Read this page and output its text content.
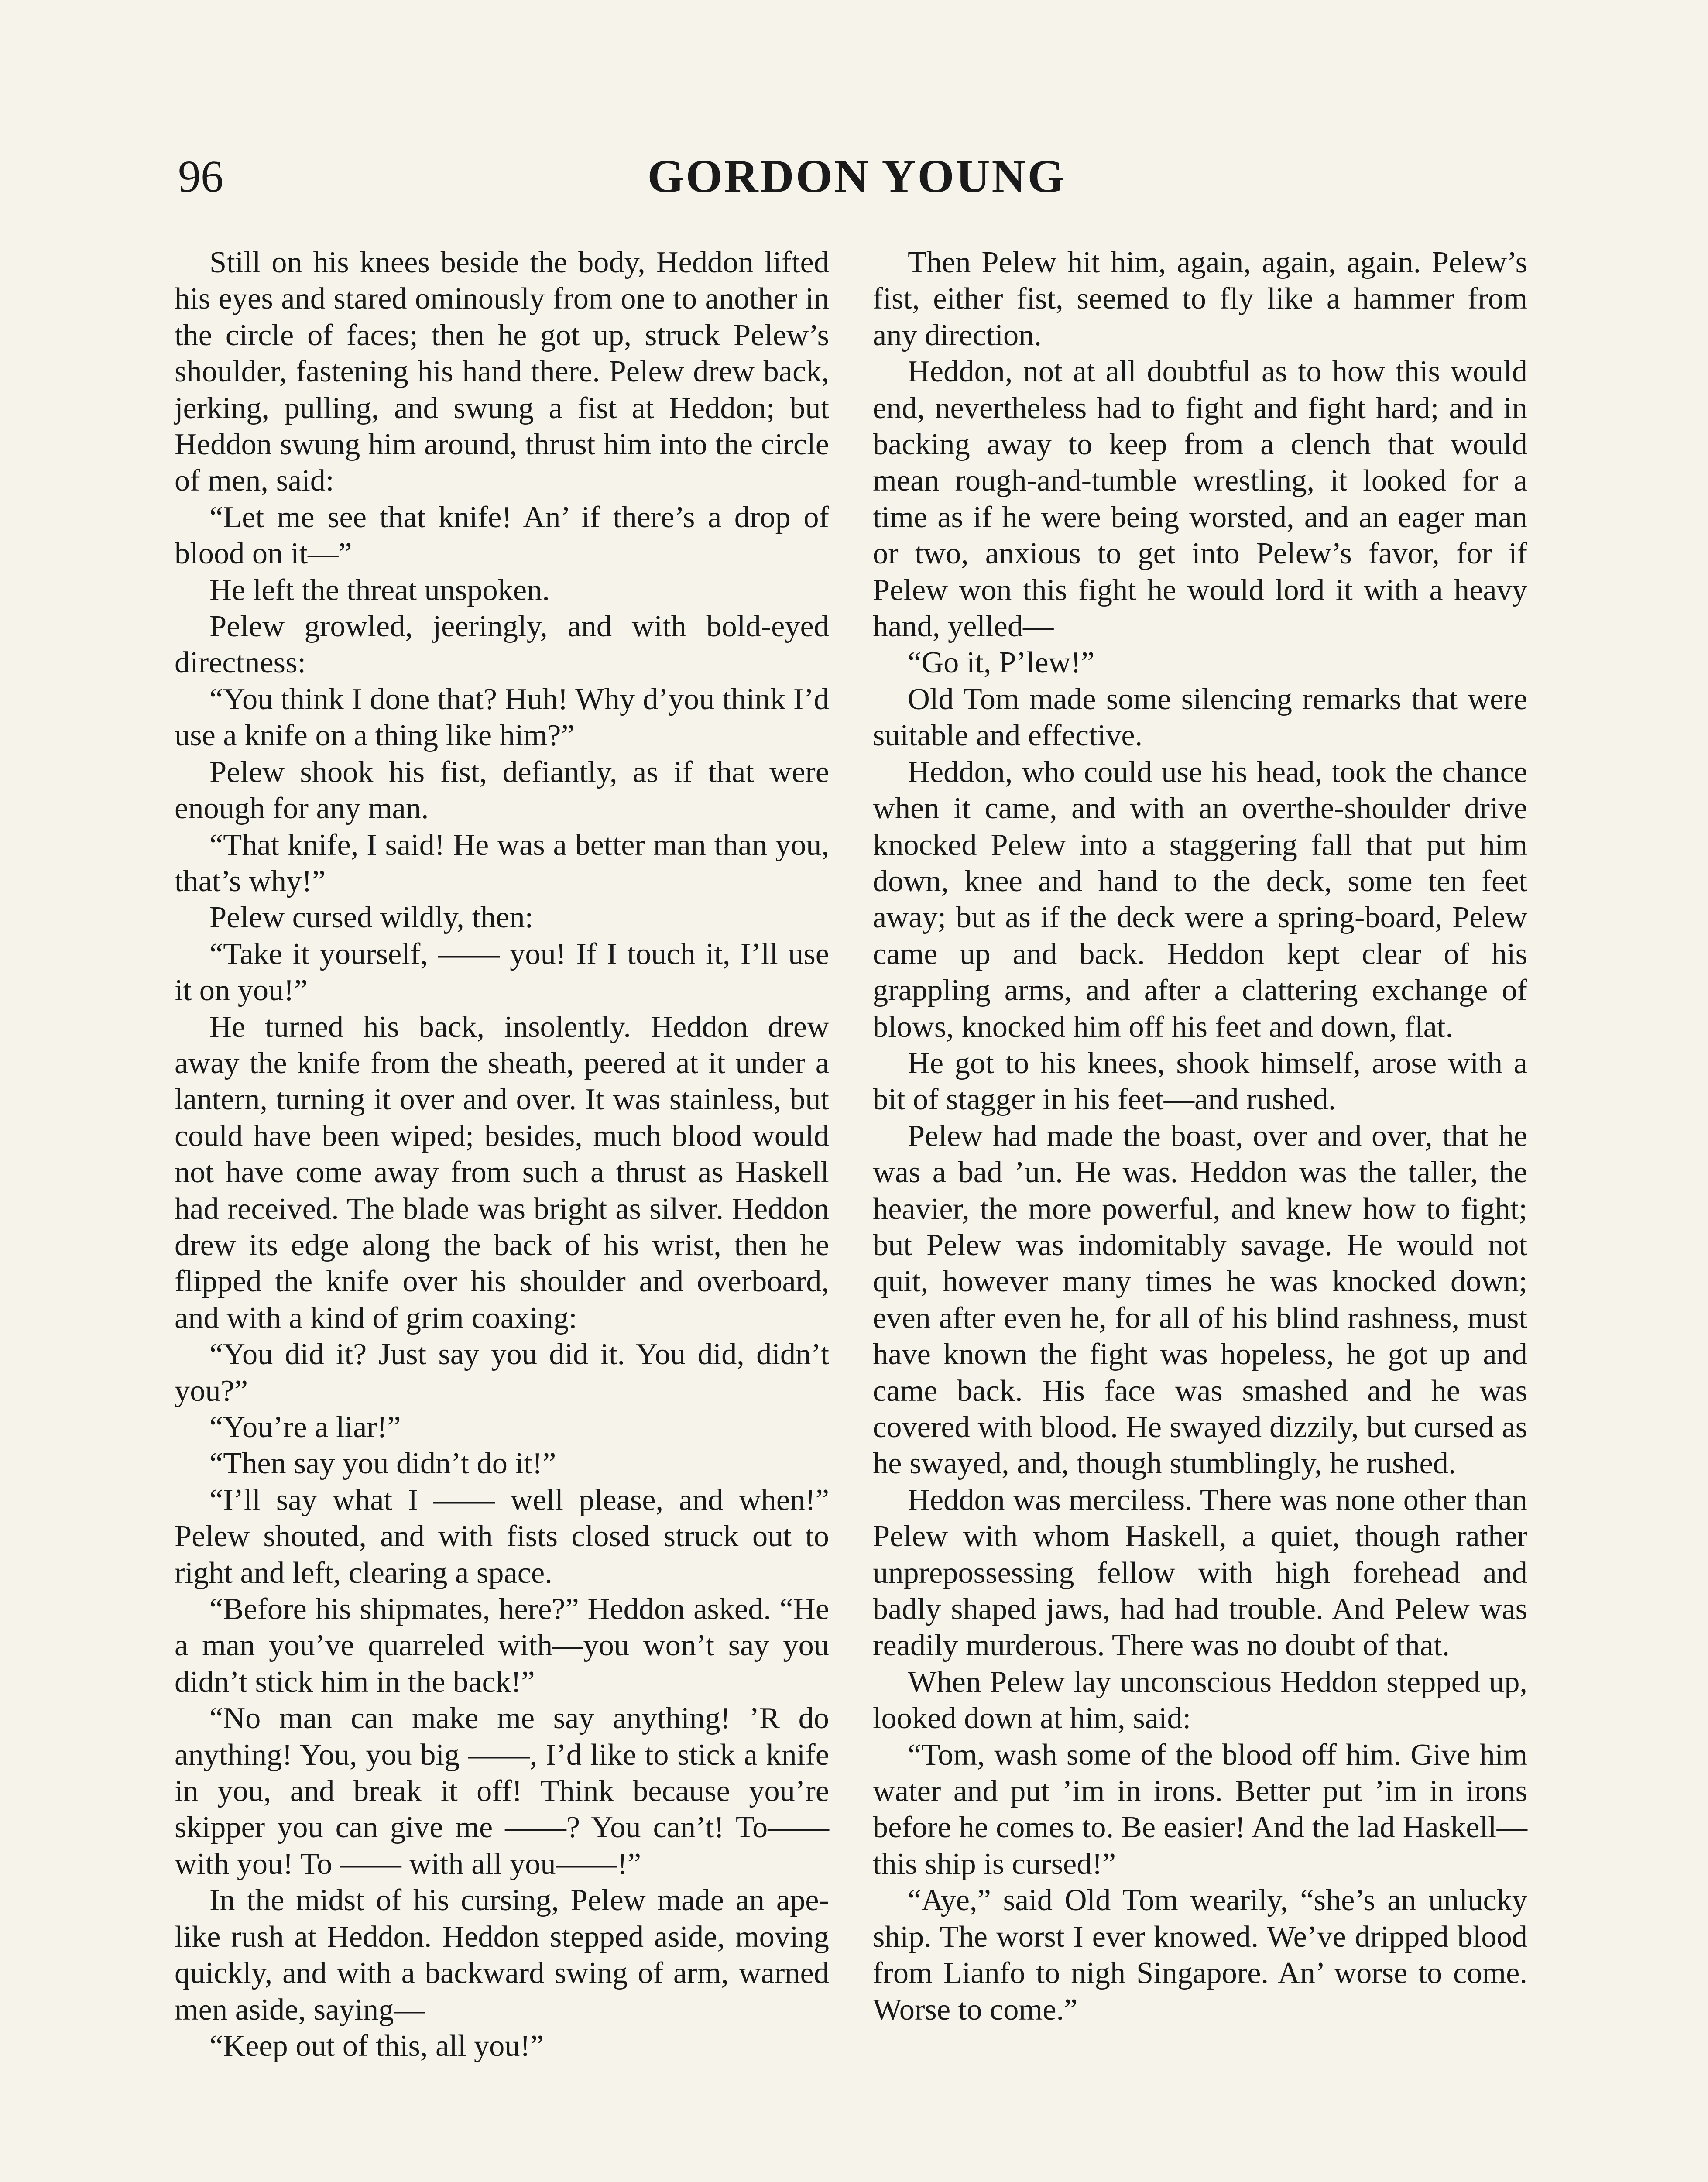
96	GORDON YOUNG

Still on his knees beside the body, Heddon lifted his eyes and stared ominously from one to another in the circle of faces; then he got up, struck Pelew’s shoulder, fastening his hand there. Pelew drew back, jerking, pulling, and swung a fist at Heddon; but Heddon swung him around, thrust him into the circle of men, said:

“Let me see that knife! An’ if there’s a drop of blood on it—”

He left the threat unspoken.

Pelew growled, jeeringly, and with bold-eyed directness:

“You think I done that? Huh! Why d’you think I’d use a knife on a thing like him?”

Pelew shook his fist, defiantly, as if that were enough for any man.

“That knife, I said! He was a better man than you, that’s why!”

Pelew cursed wildly, then:

“Take it yourself, —— you! If I touch it, I’ll use it on you!”

He turned his back, insolently. Heddon drew away the knife from the sheath, peered at it under a lantern, turning it over and over. It was stainless, but could have been wiped; besides, much blood would not have come away from such a thrust as Haskell had received. The blade was bright as silver. Heddon drew its edge along the back of his wrist, then he flipped the knife over his shoulder and overboard, and with a kind of grim coaxing:

“You did it? Just say you did it. You did, didn’t you?”

“You’re a liar!”

“Then say you didn’t do it!”

“I’ll say what I —— well please, and when!” Pelew shouted, and with fists closed struck out to right and left, clearing a space.

“Before his shipmates, here?” Heddon asked. “He a man you’ve quarreled with—you won’t say you didn’t stick him in the back!”

“No man can make me say anything! ’R do anything! You, you big ——, I’d like to stick a knife in you, and break it off! Think because you’re skipper you can give me ——? You can’t! To—— with you! To —— with all you——!”

In the midst of his cursing, Pelew made an ape-like rush at Heddon. Heddon stepped aside, moving quickly, and with a backward swing of arm, warned men aside, saying—

“Keep out of this, all you!”

Then Pelew hit him, again, again, again. Pelew’s fist, either fist, seemed to fly like a hammer from any direction.

Heddon, not at all doubtful as to how this would end, nevertheless had to fight and fight hard; and in backing away to keep from a clench that would mean rough-and-tumble wrestling, it looked for a time as if he were being worsted, and an eager man or two, anxious to get into Pelew’s favor, for if Pelew won this fight he would lord it with a heavy hand, yelled—

“Go it, P’lew!”

Old Tom made some silencing remarks that were suitable and effective.

Heddon, who could use his head, took the chance when it came, and with an overthe-shoulder drive knocked Pelew into a staggering fall that put him down, knee and hand to the deck, some ten feet away; but as if the deck were a spring-board, Pelew came up and back. Heddon kept clear of his grappling arms, and after a clattering exchange of blows, knocked him off his feet and down, flat.

He got to his knees, shook himself, arose with a bit of stagger in his feet—and rushed.

Pelew had made the boast, over and over, that he was a bad ’un. He was. Heddon was the taller, the heavier, the more powerful, and knew how to fight; but Pelew was indomitably savage. He would not quit, however many times he was knocked down; even after even he, for all of his blind rashness, must have known the fight was hopeless, he got up and came back. His face was smashed and he was covered with blood. He swayed dizzily, but cursed as he swayed, and, though stumblingly, he rushed.

Heddon was merciless. There was none other than Pelew with whom Haskell, a quiet, though rather unprepossessing fellow with high forehead and badly shaped jaws, had had trouble. And Pelew was readily murderous. There was no doubt of that.

When Pelew lay unconscious Heddon stepped up, looked down at him, said:

“Tom, wash some of the blood off him. Give him water and put ’im in irons. Better put ’im in irons before he comes to. Be easier! And the lad Haskell—this ship is cursed!”

“Aye,” said Old Tom wearily, “she’s an unlucky ship. The worst I ever knowed. We’ve dripped blood from Lianfo to nigh Singapore. An’ worse to come. Worse to come.”
